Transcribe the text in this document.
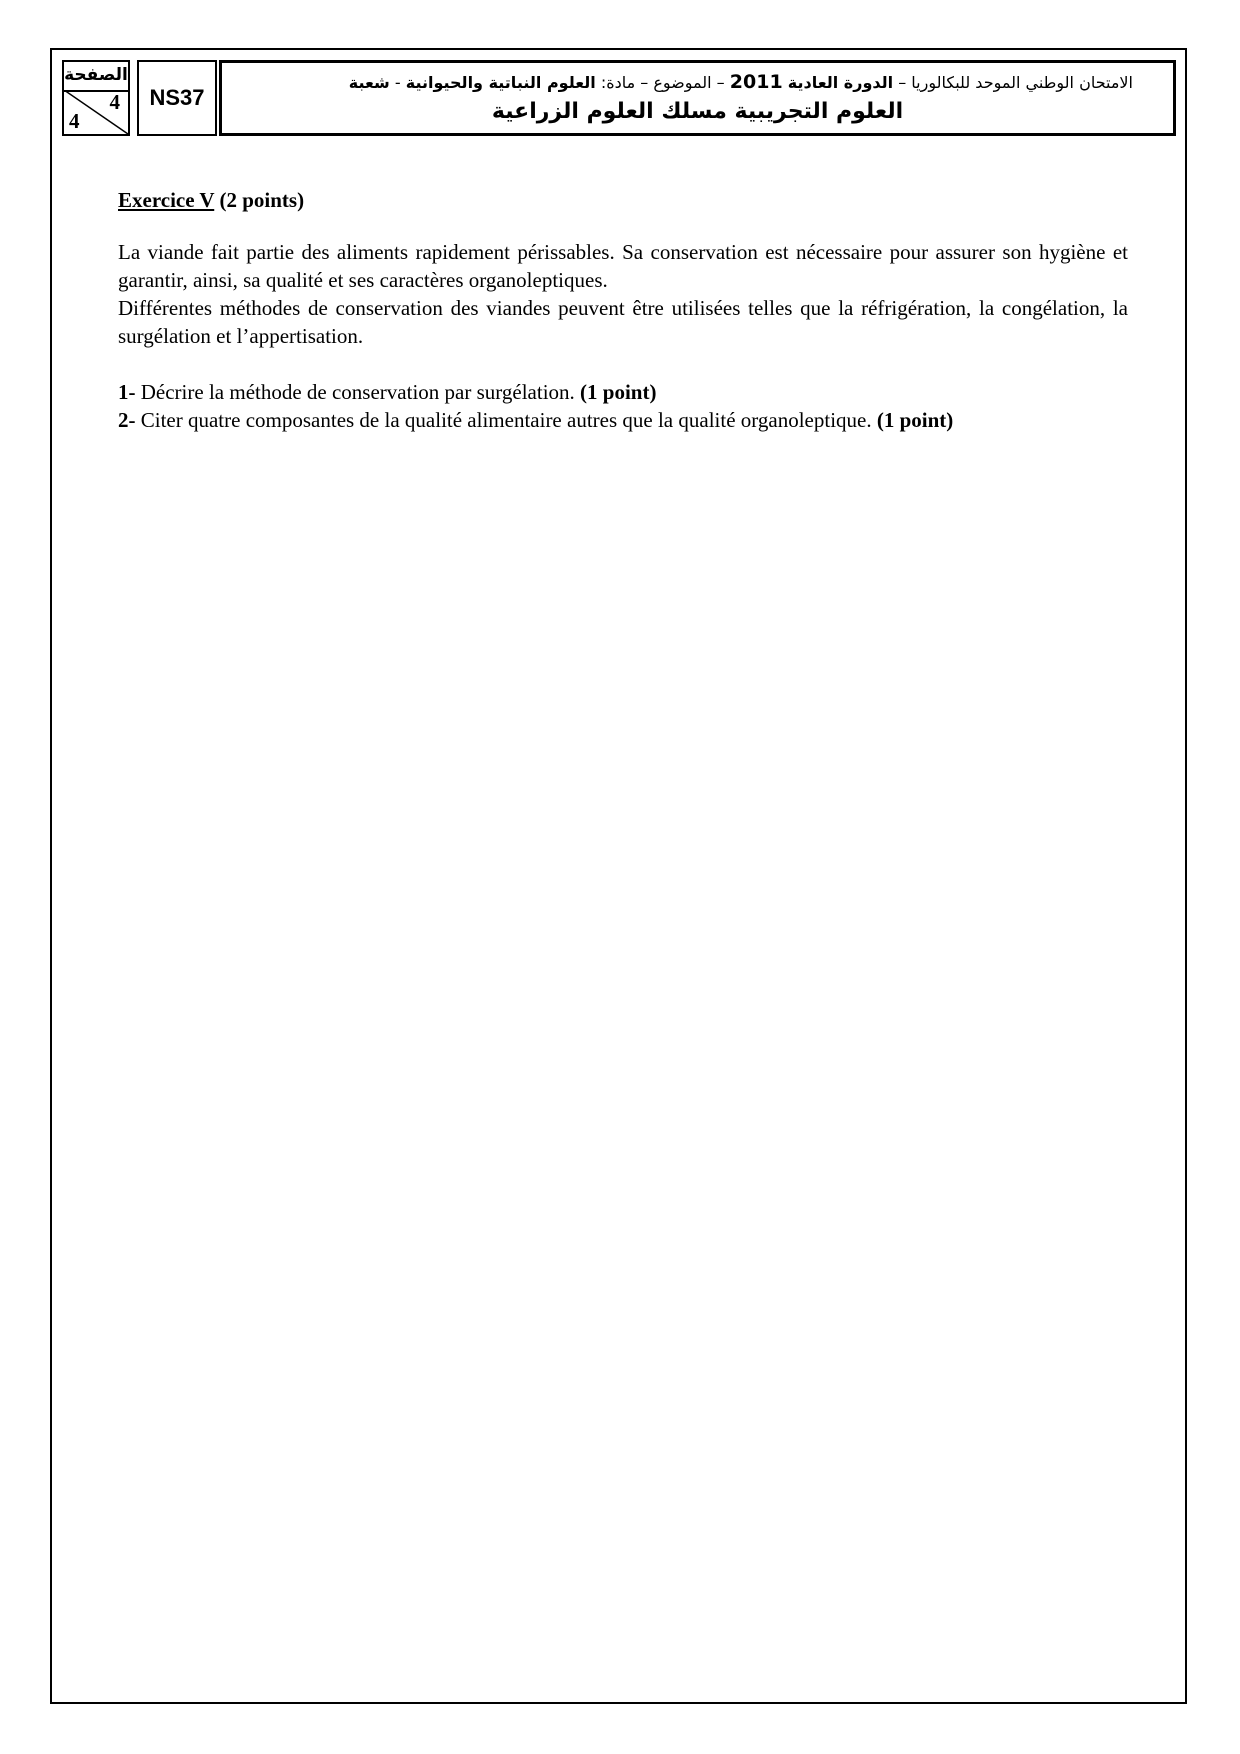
الصفحة
4
4
NS37
الامتحان الوطني الموحد للبكالوريا – الدورة العادية 2011 – الموضوع – مادة: العلوم النباتية والحيوانية - شعبة
العلوم التجريبية مسلك العلوم الزراعية

Exercice V (2 points)

La viande fait partie des aliments rapidement périssables. Sa conservation est nécessaire pour assurer son hygiène et garantir, ainsi, sa qualité et ses caractères organoleptiques.

Différentes méthodes de conservation des viandes peuvent être utilisées telles que la réfrigération, la congélation, la surgélation et l’appertisation.

1- Décrire la méthode de conservation par surgélation. (1 point)

2- Citer quatre composantes de la qualité alimentaire autres que la qualité organoleptique. (1 point)
